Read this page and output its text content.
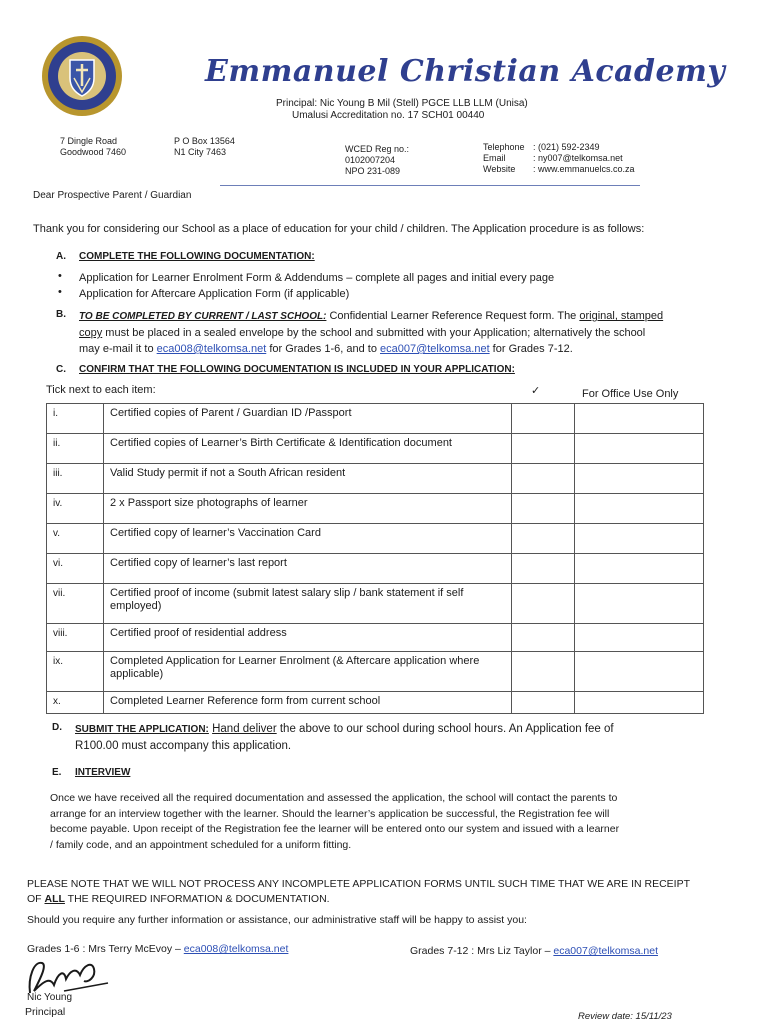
Emmanuel Christian Academy
Principal: Nic Young B Mil (Stell) PGCE LLB LLM (Unisa)
Umalusi Accreditation no. 17 SCH01 00440
7 Dingle Road
Goodwood 7460
P O Box 13564
N1 City 7463	WCED Reg no.:
0102007204
NPO 231-089
Telephone : (021) 592-2349
Email	: ny007@telkomsa.net
Website : www.emmanuelcs.co.za
Dear Prospective Parent / Guardian
Thank you for considering our School as a place of education for your child / children. The Application procedure is as follows:
A. COMPLETE THE FOLLOWING DOCUMENTATION:
• Application for Learner Enrolment Form & Addendums – complete all pages and initial every page
• Application for Aftercare Application Form (if applicable)
B. TO BE COMPLETED BY CURRENT / LAST SCHOOL: Confidential Learner Reference Request form. The original, stamped
copy must be placed in a sealed envelope by the school and submitted with your Application; alternatively the school
may e-mail it to eca008@telkomsa.net for Grades 1-6, and to eca007@telkomsa.net for Grades 7-12.
C. CONFIRM THAT THE FOLLOWING DOCUMENTATION IS INCLUDED IN YOUR APPLICATION:
Tick next to each item:	✓	For Office Use Only
i.	Certified copies of Parent / Guardian ID /Passport		
ii.	Certified copies of Learner’s Birth Certificate & Identification document		
iii.	Valid Study permit if not a South African resident		
iv.	2 x Passport size photographs of learner		
v.	Certified copy of learner’s Vaccination Card		
vi.	Certified copy of learner’s last report		
vii.	Certified proof of income (submit latest salary slip / bank statement if self employed)		
viii.	Certified proof of residential address		
ix.	Completed Application for Learner Enrolment (& Aftercare application where applicable)		
x.	Completed Learner Reference form from current school		
D. SUBMIT THE APPLICATION: Hand deliver the above to our school during school hours. An Application fee of
R100.00 must accompany this application.
E. INTERVIEW
Once we have received all the required documentation and assessed the application, the school will contact the parents to
arrange for an interview together with the learner. Should the learner’s application be successful, the Registration fee will
become payable. Upon receipt of the Registration fee the learner will be entered onto our system and issued with a learner
/ family code, and an appointment scheduled for a uniform fitting.
PLEASE NOTE THAT WE WILL NOT PROCESS ANY INCOMPLETE APPLICATION FORMS UNTIL SUCH TIME THAT WE ARE IN RECEIPT
OF ALL THE REQUIRED INFORMATION & DOCUMENTATION.
Should you require any further information or assistance, our administrative staff will be happy to assist you:
Grades 1-6 : Mrs Terry McEvoy – eca008@telkomsa.net	Grades 7-12 : Mrs Liz Taylor – eca007@telkomsa.net
Nic Young
Principal	Review date: 15/11/23
